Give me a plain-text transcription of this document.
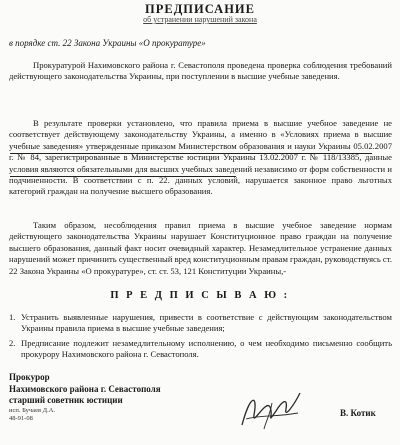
ПРЕДПИСАНИЕ
об устранении нарушений закона
в порядке ст. 22 Закона Украины «О прокуратуре»
Прокуратурой Нахимовского района г. Севастополя проведена проверка соблюдения требований действующего законодательства Украины, при поступлении в высшие учебные заведения.
В результате проверки установлено, что правила приема в высшие учебное заведение не соответствует действующему законодательству Украины, а именно в «Условиях приема в высшие учебные заведения» утвержденные приказом Министерством образования и науки Украины 05.02.2007 г. № 84, зарегистрированные в Министерстве юстиции Украины 13.02.2007 г. № 118/13385, данные условия являются обязательными для высших учебных заведений независимо от форм собственности и подчиненности. В соответствии с п. 22. данных условий, нарушается законное право льготных категорий граждан на получение высшего образования.
Таким образом, несоблюдения правил приема в высшие учебное заведение нормам действующего законодательства Украины нарушает Конституционное право граждан на получение высшего образования, данный факт носит очевидный характер. Незамедлительное устранение данных нарушений может причинить существенный вред конституционным правам граждан, руководствуясь ст. 22 Закона Украины «О прокуратуре», ст. ст. 53, 121 Конституции Украины,-
П Р Е Д П И С Ы В А Ю :
1. Устранить выявленные нарушения, привести в соответствие с действующим законодательством Украины правила приема в высшие учебные заведения;
2. Предписание подлежит незамедлительному исполнению, о чем необходимо письменно сообщить прокурору Нахимовского района г. Севастополя.
Прокурор
Нахимовского района г. Севастополя
старший советник юстиции
исп. Бучаев Д.А.
48-91-08
В. Котик
